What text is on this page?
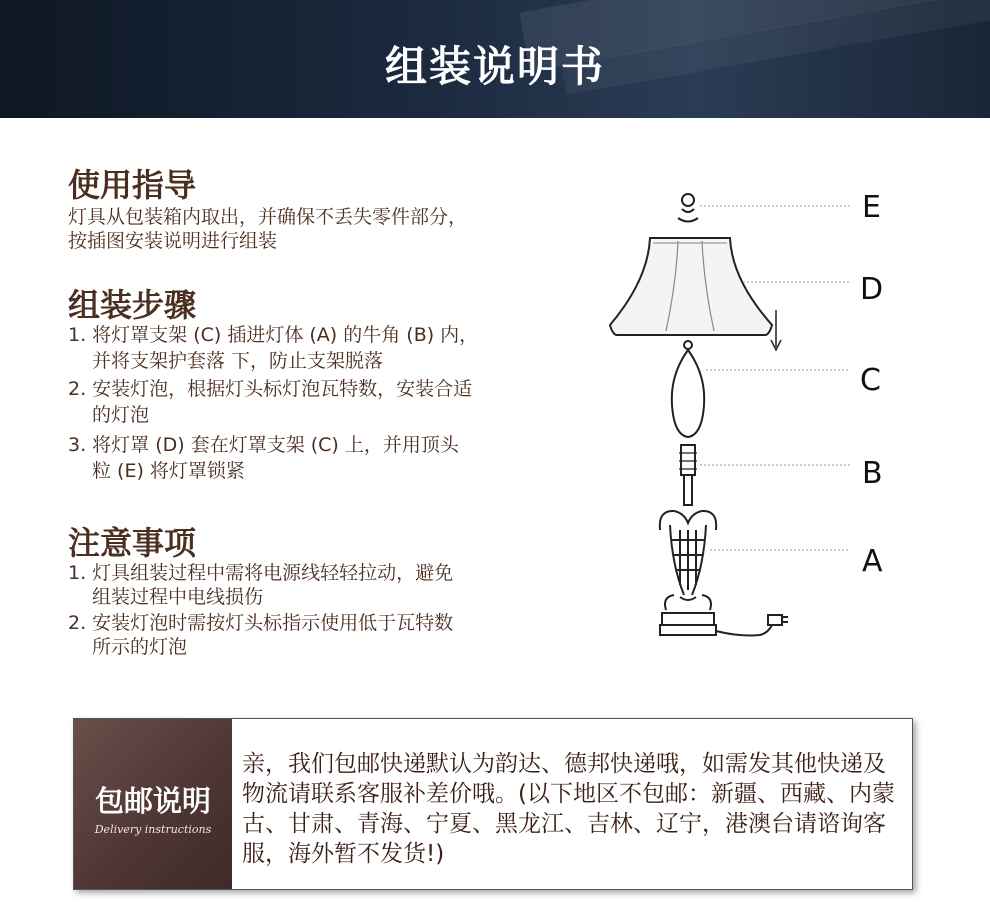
组装说明书
使用指导
灯具从包装箱内取出，并确保不丢失零件部分，
按插图安装说明进行组装
组装步骤
1. 将灯罩支架 (C) 插进灯体 (A) 的牛角 (B) 内，
并将支架护套落 下，防止支架脱落
2. 安装灯泡，根据灯头标灯泡瓦特数，安装合适
的灯泡
3. 将灯罩 (D) 套在灯罩支架 (C) 上，并用顶头
粒 (E) 将灯罩锁紧
注意事项
1. 灯具组装过程中需将电源线轻轻拉动，避免
组装过程中电线损伤
2. 安装灯泡时需按灯头标指示使用低于瓦特数
所示的灯泡
E
D
C
B
A
包邮说明
Delivery instructions
亲，我们包邮快递默认为韵达、德邦快递哦，如需发其他快递及物流请联系客服补差价哦。(以下地区不包邮：新疆、西藏、内蒙古、甘肃、青海、宁夏、黑龙江、吉林、辽宁，港澳台请谘询客服，海外暂不发货!)
